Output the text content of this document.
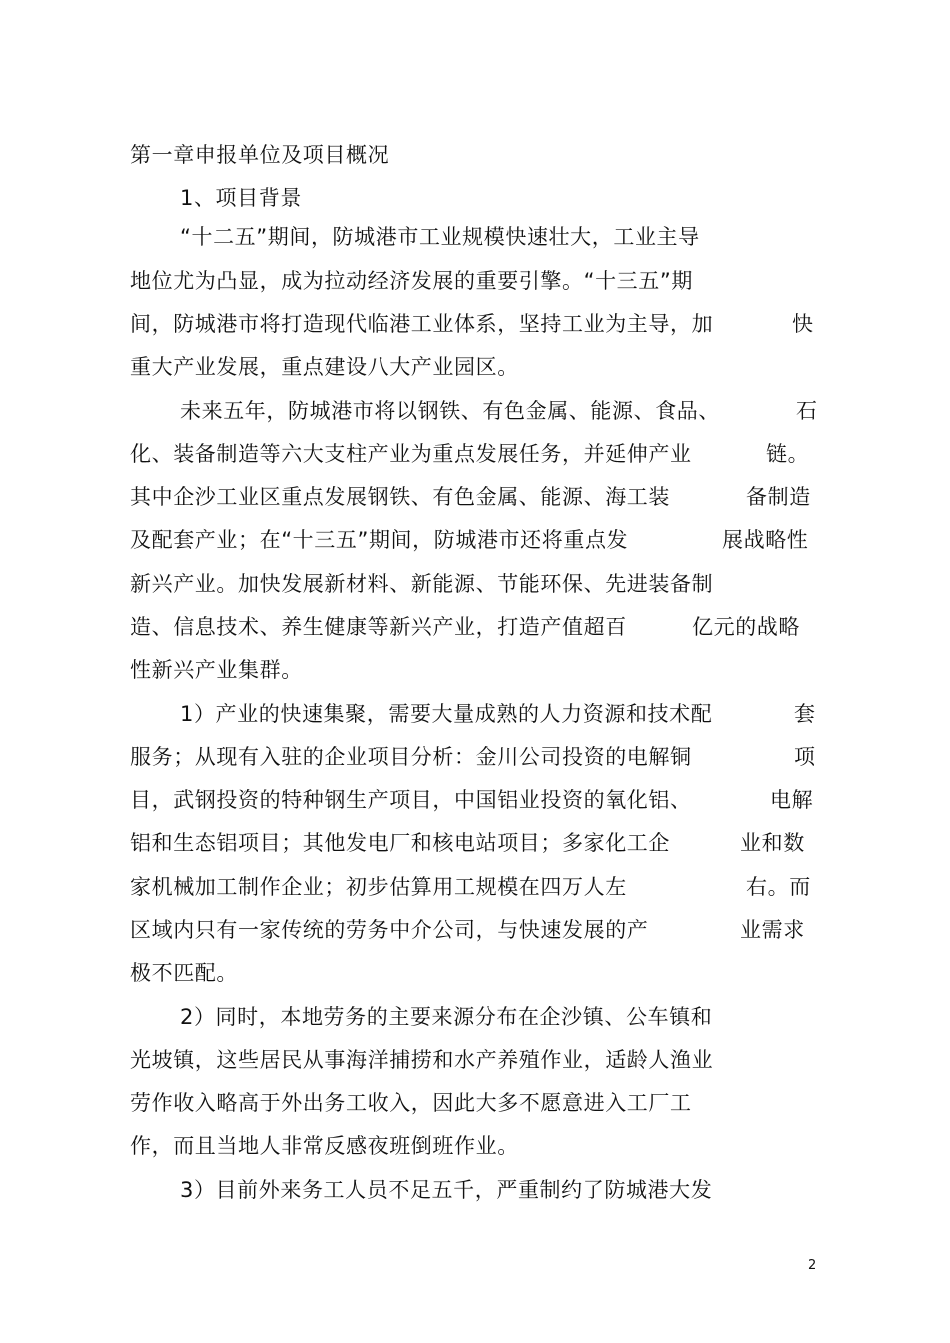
第一章申报单位及项目概况
1、项目背景
“十二五”期间，防城港市工业规模快速壮大，工业主导
地位尤为凸显，成为拉动经济发展的重要引擎。“十三五”期
间，防城港市将打造现代临港工业体系，坚持工业为主导，加	快
重大产业发展，重点建设八大产业园区。
未来五年，防城港市将以钢铁、有色金属、能源、食品、	石
化、装备制造等六大支柱产业为重点发展任务，并延伸产业	链。
其中企沙工业区重点发展钢铁、有色金属、能源、海工装	备制造
及配套产业；在“十三五”期间，防城港市还将重点发	展战略性
新兴产业。加快发展新材料、新能源、节能环保、先进装备制
造、信息技术、养生健康等新兴产业，打造产值超百	亿元的战略
性新兴产业集群。
1）产业的快速集聚，需要大量成熟的人力资源和技术配	套
服务；从现有入驻的企业项目分析：金川公司投资的电解铜	项
目，武钢投资的特种钢生产项目，中国铝业投资的氧化铝、	电解
铝和生态铝项目；其他发电厂和核电站项目；多家化工企	业和数
家机械加工制作企业；初步估算用工规模在四万人左	右。而
区域内只有一家传统的劳务中介公司，与快速发展的产	业需求
极不匹配。
2）同时，本地劳务的主要来源分布在企沙镇、公车镇和
光坡镇，这些居民从事海洋捕捞和水产养殖作业，适龄人渔业
劳作收入略高于外出务工收入，因此大多不愿意进入工厂工
作，而且当地人非常反感夜班倒班作业。
3）目前外来务工人员不足五千，严重制约了防城港大发
2
